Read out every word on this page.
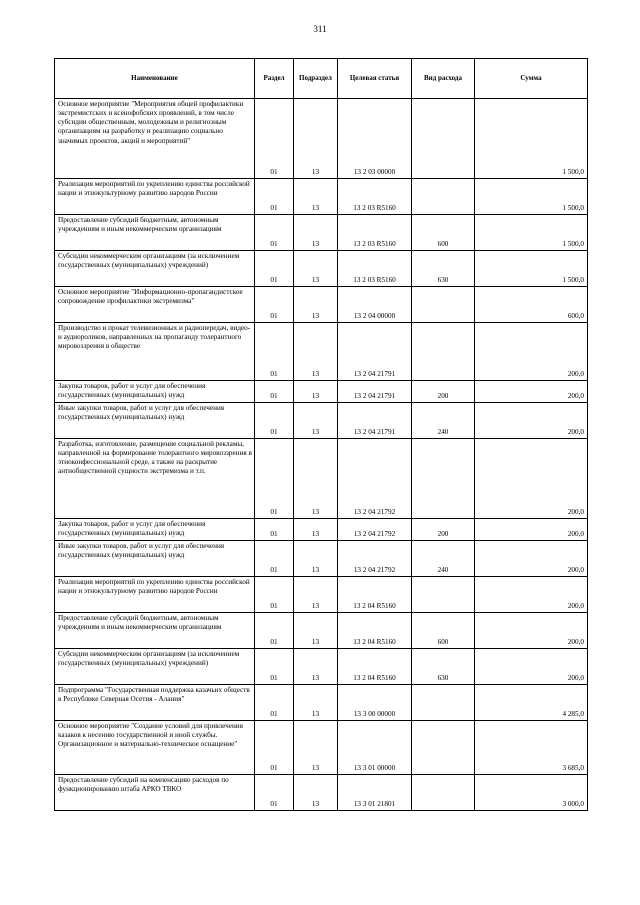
311
Наименование	Раздел	Подраздел	Целевая статья	Вид расхода	Сумма
Основное мероприятие "Мероприятия общей профилактики экстремистских и ксенофобских проявлений, в том числе субсидии общественным, молодежным и религиозным организациям на разработку и реализацию социально значимых проектов, акций и мероприятий"	01	13	13 2 03 00000		1 500,0
Реализация мероприятий по укреплению единства российской нации и этнокультурному развитию народов России	01	13	13 2 03 R5160		1 500,0
Предоставление субсидий бюджетным, автономным учреждениям и иным некоммерческим организациям	01	13	13 2 03 R5160	600	1 500,0
Субсидии некоммерческим организациям (за исключением государственных (муниципальных) учреждений)	01	13	13 2 03 R5160	630	1 500,0
Основное мероприятие "Информационно-пропагандистское сопровождение профилактики экстремизма"	01	13	13 2 04 00000		600,0
Производство и прокат телевизионных и радиопередач, видео- и аудиороликов, направленных на пропаганду толерантного мировоззрения в обществе	01	13	13 2 04 21791		200,0
Закупка товаров, работ и услуг для обеспечения государственных (муниципальных) нужд	01	13	13 2 04 21791	200	200,0
Иные закупки товаров, работ и услуг для обеспечения государственных (муниципальных) нужд	01	13	13 2 04 21791	240	200,0
Разработка, изготовление, размещение социальной рекламы, направленной на формирование толерантного мировоззрения в этноконфессиональной среде, а также на раскрытие антиобщественной сущности экстремизма и т.п.	01	13	13 2 04 21792		200,0
Закупка товаров, работ и услуг для обеспечения государственных (муниципальных) нужд	01	13	13 2 04 21792	200	200,0
Иные закупки товаров, работ и услуг для обеспечения государственных (муниципальных) нужд	01	13	13 2 04 21792	240	200,0
Реализация мероприятий по укреплению единства российской нации и этнокультурному развитию народов России	01	13	13 2 04 R5160		200,0
Предоставление субсидий бюджетным, автономным учреждениям и иным некоммерческим организациям	01	13	13 2 04 R5160	600	200,0
Субсидии некоммерческим организациям (за исключением государственных (муниципальных) учреждений)	01	13	13 2 04 R5160	630	200,0
Подпрограмма "Государственная поддержка казачьих обществ в Республике Северная Осетия - Алания"	01	13	13 3 00 00000		4 285,0
Основное мероприятие "Создание условий для привлечения казаков к несению государственной и иной службы. Организационное и материально-техническое оснащение"	01	13	13 3 01 00000		3 685,0
Предоставление субсидий на компенсацию расходов по функционированию штаба АРКО ТВКО	01	13	13 3 01 21801		3 000,0
